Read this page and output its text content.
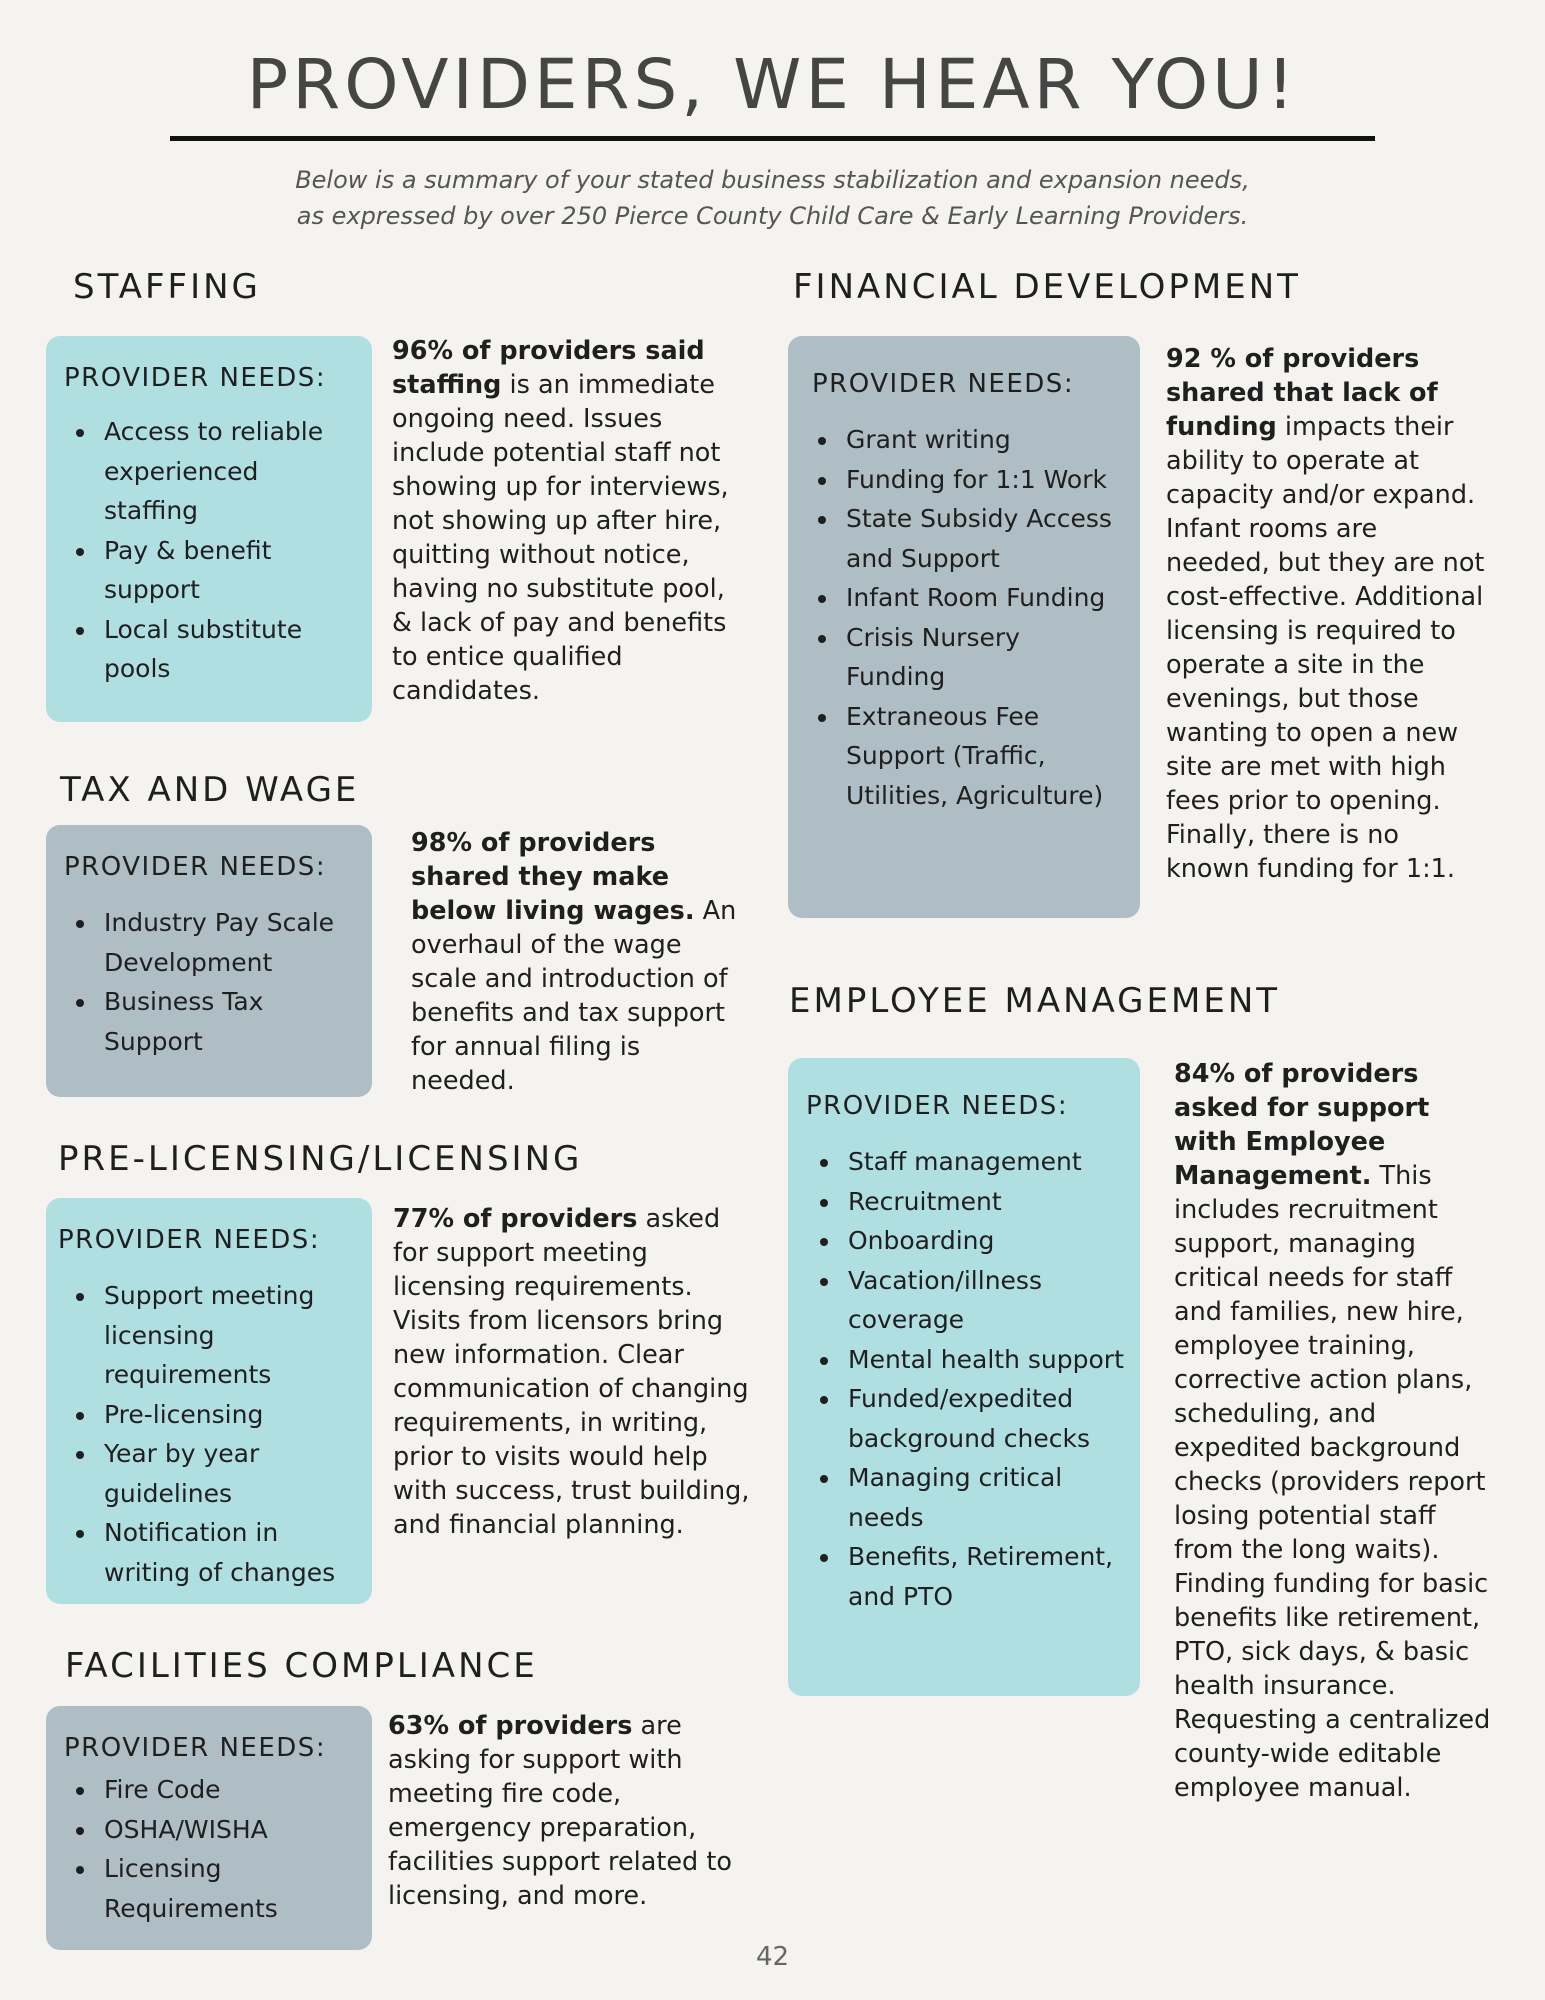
PROVIDERS, WE HEAR YOU!
Below is a summary of your stated business stabilization and expansion needs,
as expressed by over 250 Pierce County Child Care & Early Learning Providers.
STAFFING
PROVIDER NEEDS:
Access to reliable experienced staffing
Pay & benefit support
Local substitute pools

96% of providers said staffing is an immediate ongoing need. Issues include potential staff not showing up for interviews, not showing up after hire, quitting without notice, having no substitute pool, & lack of pay and benefits to entice qualified candidates.

TAX AND WAGE
PROVIDER NEEDS:
Industry Pay Scale Development
Business Tax Support

98% of providers shared they make below living wages. An overhaul of the wage scale and introduction of benefits and tax support for annual filing is needed.

PRE-LICENSING/LICENSING
PROVIDER NEEDS:
Support meeting licensing requirements
Pre-licensing
Year by year guidelines
Notification in writing of changes

77% of providers asked for support meeting licensing requirements. Visits from licensors bring new information. Clear communication of changing requirements, in writing, prior to visits would help with success, trust building, and financial planning.

FACILITIES COMPLIANCE
PROVIDER NEEDS:
Fire Code
OSHA/WISHA
Licensing Requirements

63% of providers are asking for support with meeting fire code, emergency preparation, facilities support related to licensing, and more.

FINANCIAL DEVELOPMENT
PROVIDER NEEDS:
Grant writing
Funding for 1:1 Work
State Subsidy Access and Support
Infant Room Funding
Crisis Nursery Funding
Extraneous Fee Support (Traffic, Utilities, Agriculture)

92 % of providers shared that lack of funding impacts their ability to operate at capacity and/or expand. Infant rooms are needed, but they are not cost-effective. Additional licensing is required to operate a site in the evenings, but those wanting to open a new site are met with high fees prior to opening. Finally, there is no known funding for 1:1.

EMPLOYEE MANAGEMENT
PROVIDER NEEDS:
Staff management
Recruitment
Onboarding
Vacation/illness coverage
Mental health support
Funded/expedited background checks
Managing critical needs
Benefits, Retirement, and PTO

84% of providers asked for support with Employee Management. This includes recruitment support, managing critical needs for staff and families, new hire, employee training, corrective action plans, scheduling, and expedited background checks (providers report losing potential staff from the long waits). Finding funding for basic benefits like retirement, PTO, sick days, & basic health insurance. Requesting a centralized county-wide editable employee manual.

42
